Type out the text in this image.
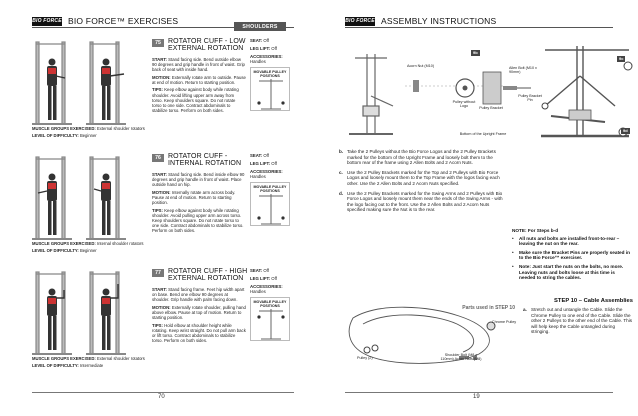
BIO FORCE BIO FORCE™ EXERCISES
SHOULDERS
MUSCLE GROUPS EXERCISED: External shoulder rotators
LEVEL OF DIFFICULTY: Beginner
75	ROTATOR CUFF - LOW EXTERNAL ROTATION

START: Stand facing side. Bend outside elbow 90 degrees and grip handle in front of waist. Grip back of seat with inside hand.

MOTION: Externally rotate arm to outside. Pause at end of motion. Return to starting position.

TIPS: Keep elbow against body while rotating shoulder. Avoid lifting upper arm away from torso. Keep shoulders square. Do not rotate torso to one side. Contract abdominals to stabilize torso. Perform on both sides.

SEAT: Off
LEG LIFT: Off
ACCESSORIES:
Handles
MOVABLE PULLEY POSITIONS
MUSCLE GROUPS EXERCISED: Internal shoulder rotators
LEVEL OF DIFFICULTY: Beginner
76	ROTATOR CUFF - INTERNAL ROTATION

START: Stand facing side. Bend inside elbow 90 degrees and grip handle in front of waist. Place outside hand on hip.

MOTION: Internally rotate arm across body. Pause at end of motion. Return to starting position.

TIPS: Keep elbow against body while rotating shoulder. Avoid pulling upper arm across torso. Keep shoulders square. Do not rotate torso to one side. Contract abdominals to stabilize torso. Perform on both sides.

SEAT: Off
LEG LIFT: Off
ACCESSORIES:
Handles
MOVABLE PULLEY POSITIONS
MUSCLE GROUPS EXERCISED: External shoulder rotators
LEVEL OF DIFFICULTY: Intermediate
77	ROTATOR CUFF - HIGH EXTERNAL ROTATION

START: Stand facing frame. Feet hip width apart on base. Bend one elbow 90 degrees at shoulder. Grip handle with palm facing down.

MOTION: Externally rotate shoulder, pulling hand above elbow. Pause at top of motion. Return to starting position.

TIPS: Hold elbow at shoulder height while rotating. Keep wrist straight. Do not pull arm back or lift torso. Contract abdominals to stabilize torso. Perform on both sides.

SEAT: Off
LEG LIFT: Off
ACCESSORIES:
Handles
MOVABLE PULLEY POSITIONS
70
BIO FORCE ASSEMBLY INSTRUCTIONS
9b
9c
9d
Acorn Nut (M10)	Allen Bolt (M10 x 90mm)
Pulley without Logo	Pulley Bracket
Pulley Bracket Pin
Bottom of the Upright Frame
b. Take the 2 Pulleys without the Bio Force Logos and the 2 Pulley Brackets marked for the bottom of the Upright Frame and loosely bolt them to the bottom rear of the frame using 2 Allen Bolts and 2 Acorn Nuts.
c. Use the 2 Pulley Brackets marked for the Top and 2 Pulleys with Bio Force Logos and loosely mount them to the Top Frame with the logos facing each other. Use the 2 Allen Bolts and 2 Acorn Nuts specified.
d. Use the 2 Pulley Brackets marked for the Swing Arms and 2 Pulleys with Bio Force Logos and loosely mount them near the ends of the Swing Arms - with the logo facing out to the front. Use the 2 Allen Bolts and 2 Acorn Nuts specified making sure the Nut is to the rear.
NOTE: For Steps b-d
•	All nuts and bolts are installed front-to-rear – leaving the nut on the rear.
•	Make sure the Bracket Pins are properly seated in to the Bio Force™ exerciser.
•	Note: Just start the nuts on the bolts, no more. Leaving nuts and bolts loose at this time is needed to string the cables.
Parts used in STEP 10
Chrome Pulley
Pulley (2)
Shoulder Bolt (M8 x 110mm) Acorn Nuts (M8)
STEP 10 – Cable Assemblies
a. Stretch out and untangle the Cable. Slide the Chrome Pulley to one end of the Cable. Slide the other 2 Pulleys to the other end of the Cable. This will help keep the Cable untangled during stringing.
19
